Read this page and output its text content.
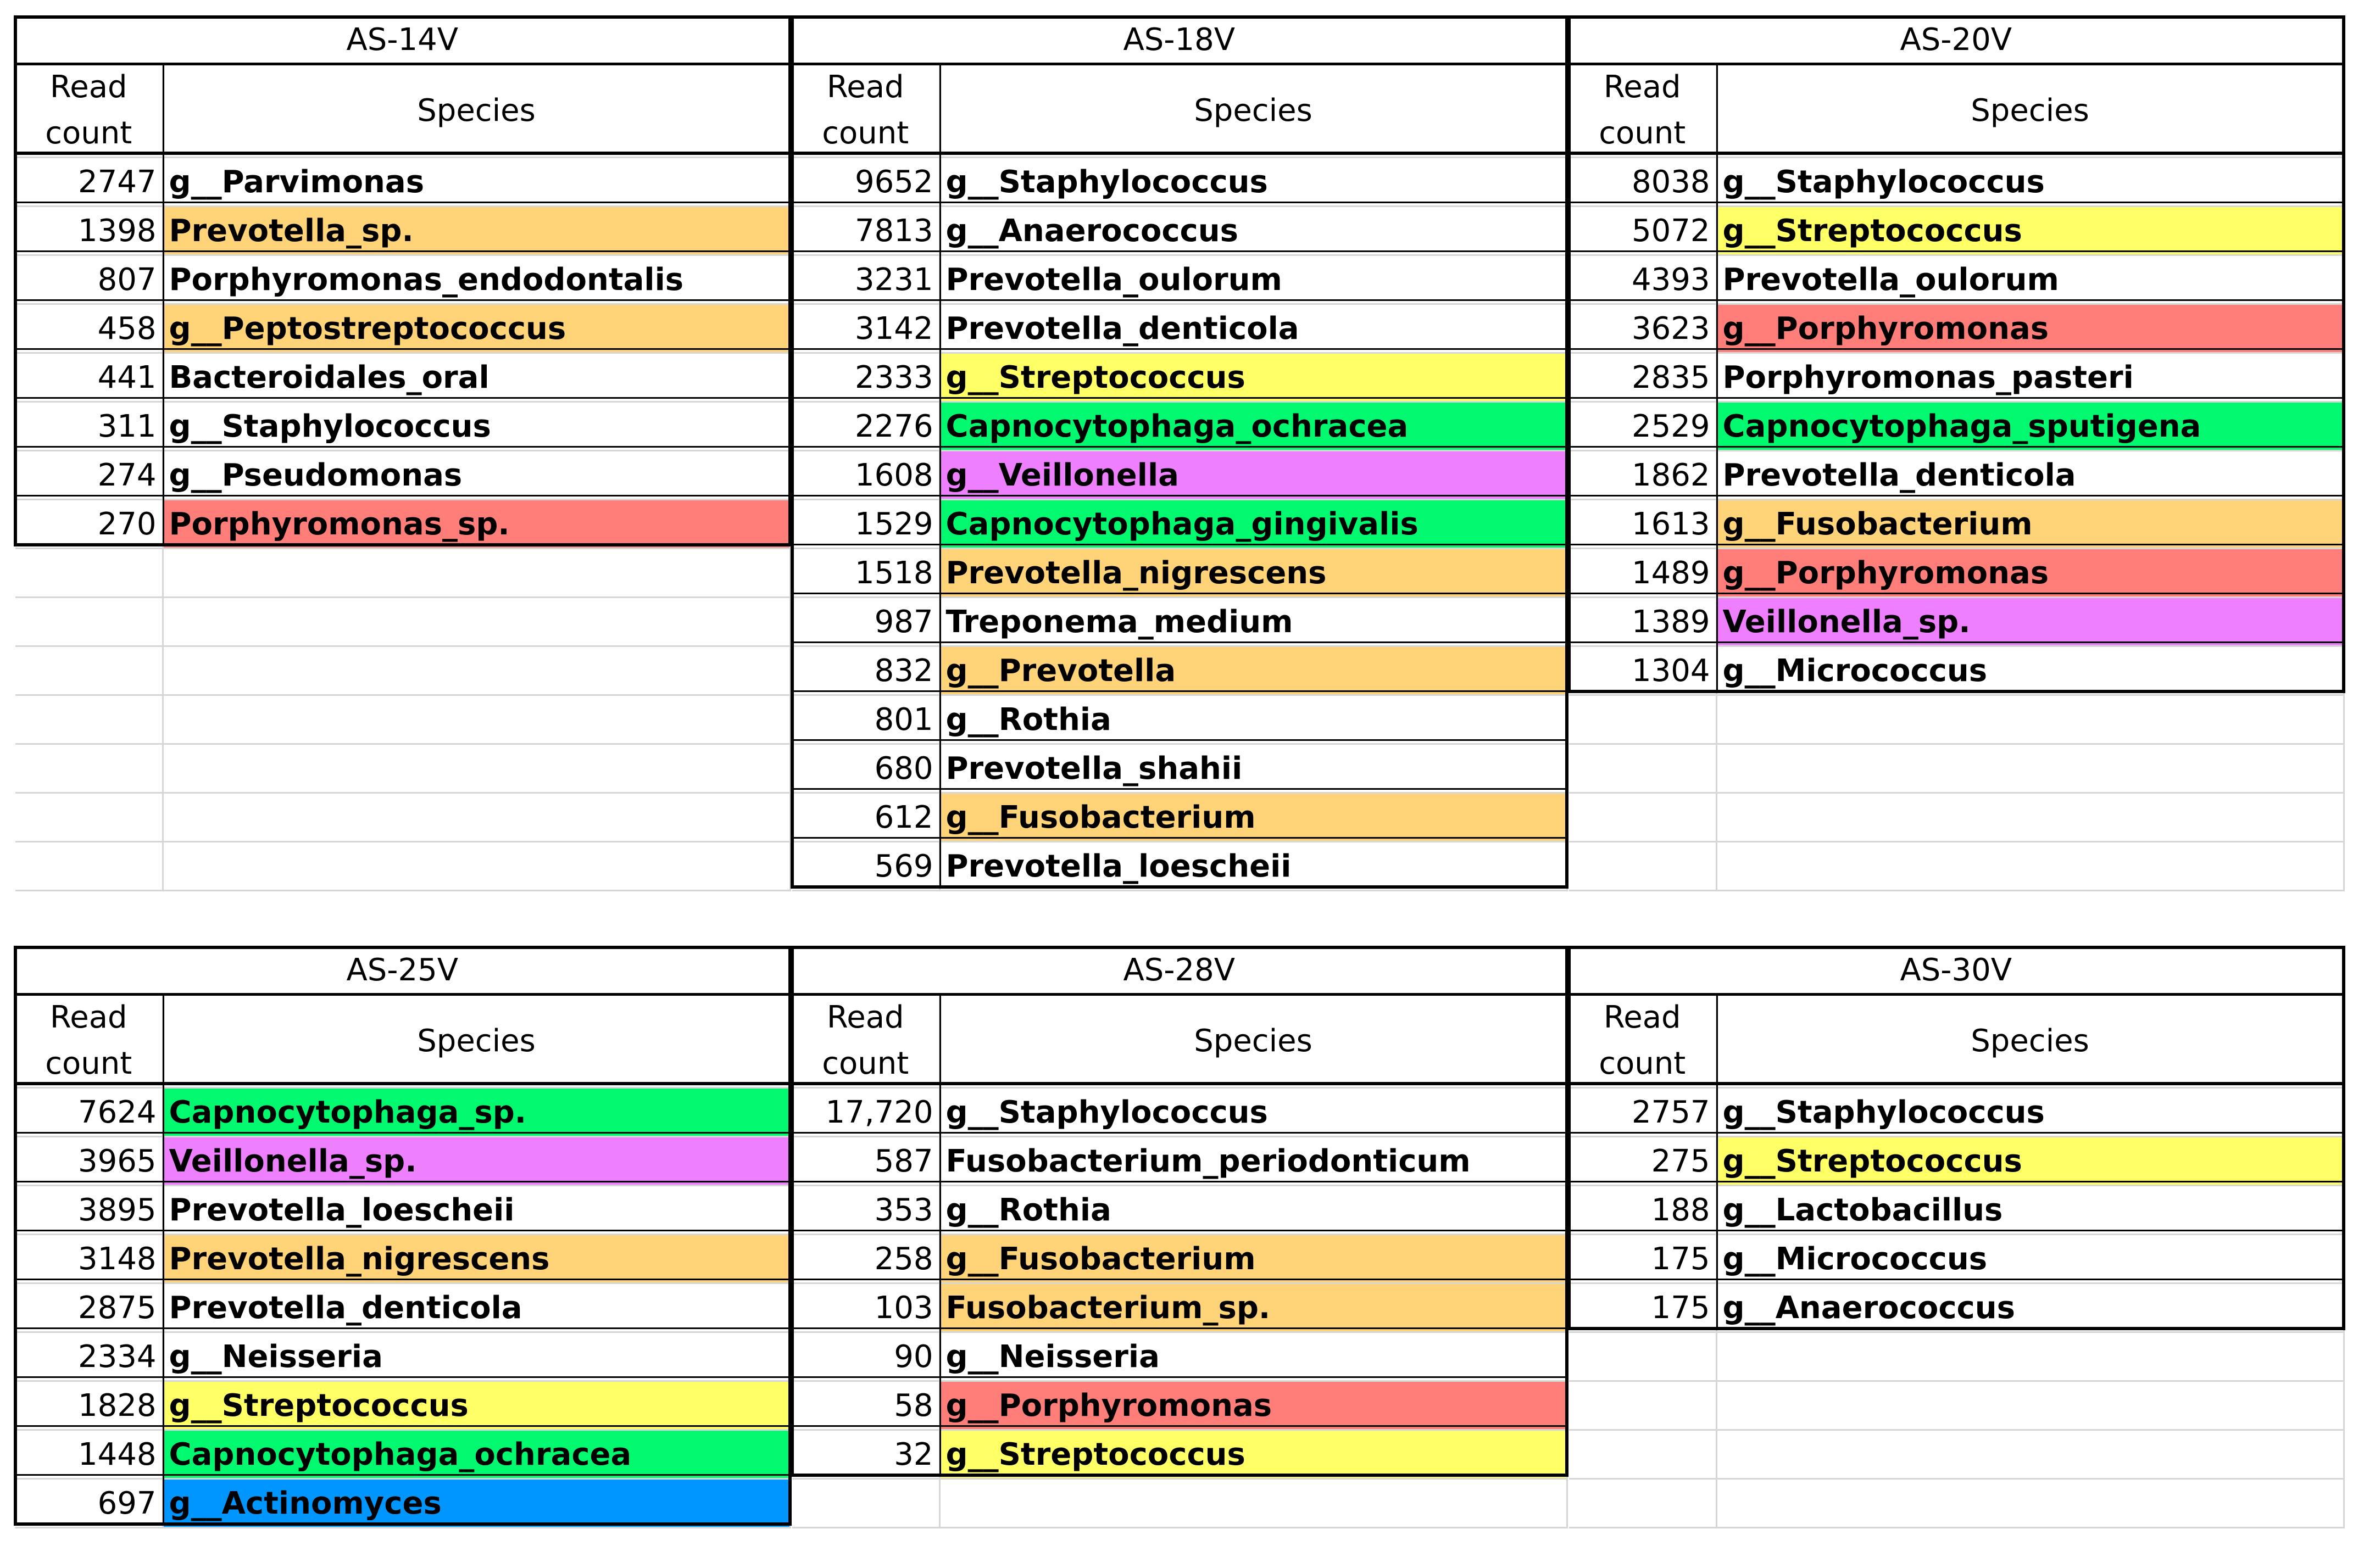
AS-14V	
Read count	Species
2747	g__Parvimonas
1398	Prevotella_sp.
807	Porphyromonas_endodontalis
458	g__Peptostreptococcus
441	Bacteroidales_oral
311	g__Staphylococcus
274	g__Pseudomonas
270	Porphyromonas_sp.

AS-18V	
Read count	Species
9652	g__Staphylococcus
7813	g__Anaerococcus
3231	Prevotella_oulorum
3142	Prevotella_denticola
2333	g__Streptococcus
2276	Capnocytophaga_ochracea
1608	g__Veillonella
1529	Capnocytophaga_gingivalis
1518	Prevotella_nigrescens
987	Treponema_medium
832	g__Prevotella
801	g__Rothia
680	Prevotella_shahii
612	g__Fusobacterium
569	Prevotella_loescheii
AS-20V	
Read count	Species
8038	g__Staphylococcus
5072	g__Streptococcus
4393	Prevotella_oulorum
3623	g__Porphyromonas
2835	Porphyromonas_pasteri
2529	Capnocytophaga_sputigena
1862	Prevotella_denticola
1613	g__Fusobacterium
1489	g__Porphyromonas
1389	Veillonella_sp.
1304	g__Micrococcus

AS-25V	
Read count	Species
7624	Capnocytophaga_sp.
3965	Veillonella_sp.
3895	Prevotella_loescheii
3148	Prevotella_nigrescens
2875	Prevotella_denticola
2334	g__Neisseria
1828	g__Streptococcus
1448	Capnocytophaga_ochracea
697	g__Actinomyces
AS-28V	
Read count	Species
17,720	g__Staphylococcus
587	Fusobacterium_periodonticum
353	g__Rothia
258	g__Fusobacterium
103	Fusobacterium_sp.
90	g__Neisseria
58	g__Porphyromonas
32	g__Streptococcus

AS-30V	
Read count	Species
2757	g__Staphylococcus
275	g__Streptococcus
188	g__Lactobacillus
175	g__Micrococcus
175	g__Anaerococcus
